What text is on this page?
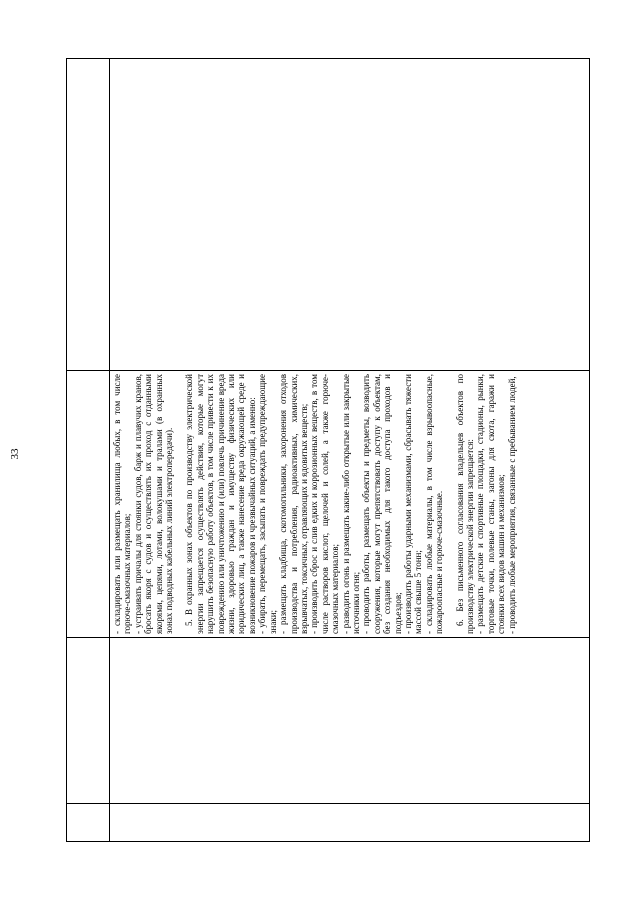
33	- складировать или размещать хранилища любых, в том числе горюче-смазочных материалов; - устраивать причалы для стоянки судов, барж и плавучих кранов, бросать якоря с судов и осуществлять их проход с отданными якорями, цепями, лотами, волокушами и тралами (в охранных зонах подводных кабельных линий электропередачи). 5. В охранных зонах объектов по производству электрической энергии запрещается осуществлять действия, которые могут нарушить безопасную работу объектов, в том числе привести к их повреждению или уничтожению и (или) повлечь причинение вреда жизни, здоровью граждан и имуществу физических или юридических лиц, а также нанесение вреда окружающей среде и возникновение пожаров и чрезвычайных ситуаций, а именно: - убирать, перемещать, засыпать и повреждать предупреждающие знаки; - размещать кладбища, скотомогильники, захоронения отходов производства и потребления, радиоактивных, химических, взрывчатых, токсичных, отравляющих и ядовитых веществ; - производить сброс и слив едких и коррозионных веществ, в том числе растворов кислот, щелочей и солей, а также горюче-смазочных материалов; - разводить огонь и размещать какие-либо открытые или закрытые источники огня; - проводить работы, размещать объекты и предметы, возводить сооружения, которые могут препятствовать доступу к объектам, без создания необходимых для такого доступа проходов и подъездов; - производить работы ударными механизмами, сбрасывать тяжести массой свыше 5 тонн; - складировать любые материалы, в том числе взрывоопасные, пожароопасные и горюче-смазочные. 6. Без письменного согласования владельцев объектов по производству электрической энергии запрещается: - размещать детские и спортивные площадки, стадионы, рынки, торговые точки, полевые станы, загоны для скота, гаражи и стоянки всех видов машин и механизмов; - проводить любые мероприятия, связанные с пребыванием людей,
